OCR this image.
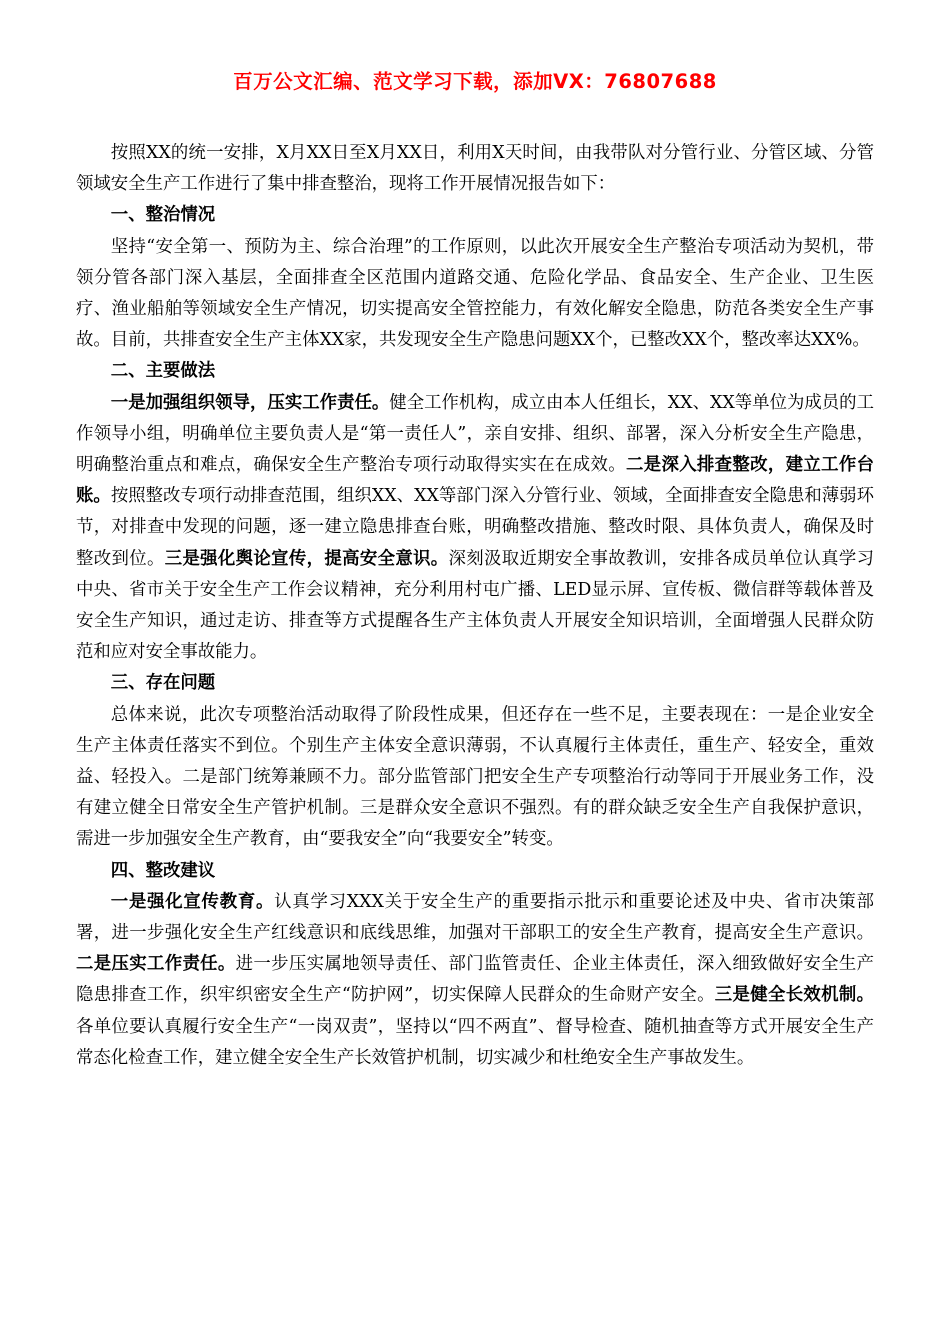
百万公文汇编、范文学习下载，添加VX：76807688

按照XX的统一安排，X月XX日至X月XX日，利用X天时间，由我带队对分管行业、分管区域、分管领域安全生产工作进行了集中排查整治，现将工作开展情况报告如下：

一、整治情况

坚持“安全第一、预防为主、综合治理”的工作原则，以此次开展安全生产整治专项活动为契机，带领分管各部门深入基层，全面排查全区范围内道路交通、危险化学品、食品安全、生产企业、卫生医疗、渔业船舶等领域安全生产情况，切实提高安全管控能力，有效化解安全隐患，防范各类安全生产事故。目前，共排查安全生产主体XX家，共发现安全生产隐患问题XX个，已整改XX个，整改率达XX%。

二、主要做法

一是加强组织领导，压实工作责任。健全工作机构，成立由本人任组长，XX、XX等单位为成员的工作领导小组，明确单位主要负责人是“第一责任人”，亲自安排、组织、部署，深入分析安全生产隐患，明确整治重点和难点，确保安全生产整治专项行动取得实实在在成效。二是深入排查整改，建立工作台账。按照整改专项行动排查范围，组织XX、XX等部门深入分管行业、领域，全面排查安全隐患和薄弱环节，对排查中发现的问题，逐一建立隐患排查台账，明确整改措施、整改时限、具体负责人，确保及时整改到位。三是强化舆论宣传，提高安全意识。深刻汲取近期安全事故教训，安排各成员单位认真学习中央、省市关于安全生产工作会议精神，充分利用村屯广播、LED显示屏、宣传板、微信群等载体普及安全生产知识，通过走访、排查等方式提醒各生产主体负责人开展安全知识培训，全面增强人民群众防范和应对安全事故能力。

三、存在问题

总体来说，此次专项整治活动取得了阶段性成果，但还存在一些不足，主要表现在：一是企业安全生产主体责任落实不到位。个别生产主体安全意识薄弱，不认真履行主体责任，重生产、轻安全，重效益、轻投入。二是部门统筹兼顾不力。部分监管部门把安全生产专项整治行动等同于开展业务工作，没有建立健全日常安全生产管护机制。三是群众安全意识不强烈。有的群众缺乏安全生产自我保护意识，需进一步加强安全生产教育，由“要我安全”向“我要安全”转变。

四、整改建议

一是强化宣传教育。认真学习XXX关于安全生产的重要指示批示和重要论述及中央、省市决策部署，进一步强化安全生产红线意识和底线思维，加强对干部职工的安全生产教育，提高安全生产意识。二是压实工作责任。进一步压实属地领导责任、部门监管责任、企业主体责任，深入细致做好安全生产隐患排查工作，织牢织密安全生产“防护网”，切实保障人民群众的生命财产安全。三是健全长效机制。各单位要认真履行安全生产“一岗双责”，坚持以“四不两直”、督导检查、随机抽查等方式开展安全生产常态化检查工作，建立健全安全生产长效管护机制，切实减少和杜绝安全生产事故发生。
